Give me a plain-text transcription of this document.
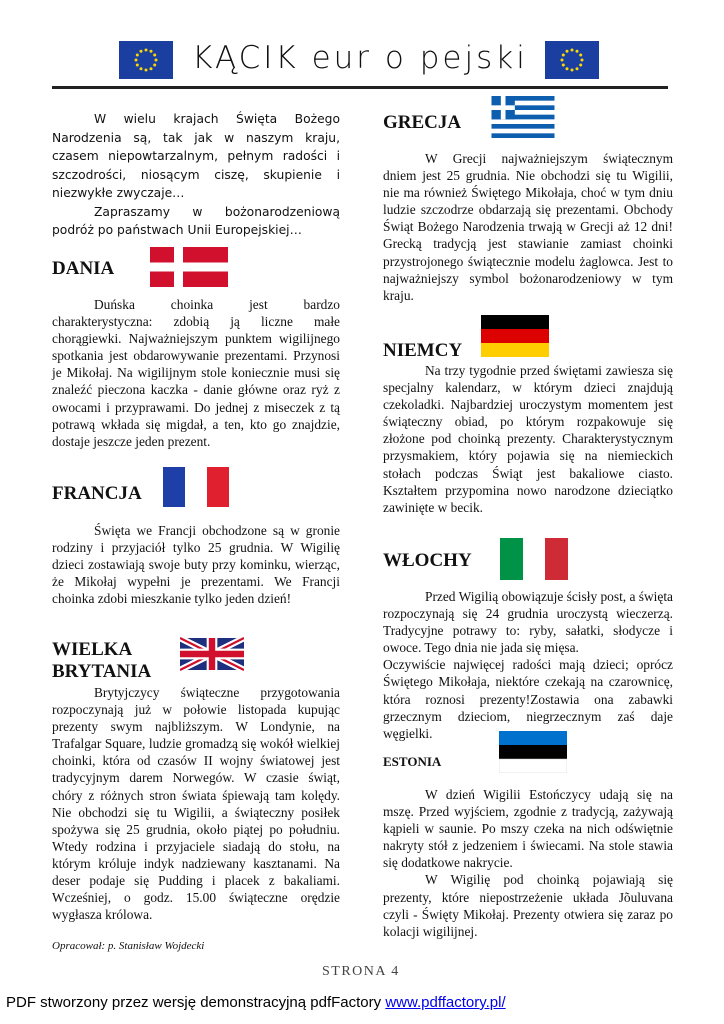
KĄCIK eur o pejski

W wielu krajach Święta Bożego Narodzenia są, tak jak w naszym kraju, czasem niepowtarzalnym, pełnym radości i szczodrości, niosącym ciszę, skupienie i niezwykłe zwyczaje…

Zapraszamy w bożonarodzeniową podróż po państwach Unii Europejskiej…

DANIA

Duńska choinka jest bardzo charakterystyczna: zdobią ją liczne małe chorągiewki. Najważniejszym punktem wigilijnego spotkania jest obdarowywanie prezentami. Przynosi je Mikołaj. Na wigilijnym stole koniecznie musi się znaleźć pieczona kaczka - danie główne oraz ryż z owocami i przyprawami. Do jednej z miseczek z tą potrawą wkłada się migdał, a ten, kto go znajdzie, dostaje jeszcze jeden prezent.

FRANCJA

Święta we Francji obchodzone są w gronie rodziny i przyjaciół tylko 25 grudnia. W Wigilię dzieci zostawiają swoje buty przy kominku, wierząc, że Mikołaj wypełni je prezentami. We Francji choinka zdobi mieszkanie tylko jeden dzień!

WIELKA
BRYTANIA

Brytyjczycy świąteczne przygotowania rozpoczynają już w połowie listopada kupując prezenty swym najbliższym. W Londynie, na Trafalgar Square, ludzie gromadzą się wokół wielkiej choinki, która od czasów II wojny światowej jest tradycyjnym darem Norwegów. W czasie świąt, chóry z różnych stron świata śpiewają tam kolędy. Nie obchodzi się tu Wigilii, a świąteczny posiłek spożywa się 25 grudnia, około piątej po południu. Wtedy rodzina i przyjaciele siadają do stołu, na którym króluje indyk nadziewany kasztanami. Na deser podaje się Pudding i placek z bakaliami. Wcześniej, o godz. 15.00 świąteczne orędzie wygłasza królowa.

Opracował: p. Stanisław Wojdecki
GRECJA

W Grecji najważniejszym świątecznym dniem jest 25 grudnia. Nie obchodzi się tu Wigilii, nie ma również Świętego Mikołaja, choć w tym dniu ludzie szczodrze obdarzają się prezentami. Obchody Świąt Bożego Narodzenia trwają w Grecji aż 12 dni! Grecką tradycją jest stawianie zamiast choinki przystrojonego świątecznie modelu żaglowca. Jest to najważniejszy symbol bożonarodzeniowy w tym kraju.

NIEMCY

Na trzy tygodnie przed świętami zawiesza się specjalny kalendarz, w którym dzieci znajdują czekoladki. Najbardziej uroczystym momentem jest świąteczny obiad, po którym rozpakowuje się złożone pod choinką prezenty. Charakterystycznym przysmakiem, który pojawia się na niemieckich stołach podczas Świąt jest bakaliowe ciasto. Kształtem przypomina nowo narodzone dzieciątko zawinięte w becik.

WŁOCHY

Przed Wigilią obowiązuje ścisły post, a święta rozpoczynają się 24 grudnia uroczystą wieczerzą. Tradycyjne potrawy to: ryby, sałatki, słodycze i owoce. Tego dnia nie jada się mięsa.

Oczywiście najwięcej radości mają dzieci; oprócz Świętego Mikołaja, niektóre czekają na czarownicę, która roznosi prezenty!Zostawia ona zabawki grzecznym dzieciom, niegrzecznym zaś daje węgielki.

ESTONIA

W dzień Wigilii Estończycy udają się na mszę. Przed wyjściem, zgodnie z tradycją, zażywają kąpieli w saunie. Po mszy czeka na nich odświętnie nakryty stół z jedzeniem i świecami. Na stole stawia się dodatkowe nakrycie.

W Wigilię pod choinką pojawiają się prezenty, które niepostrzeżenie układa Jõuluvana czyli - Święty Mikołaj. Prezenty otwiera się zaraz po kolacji wigilijnej.

STRONA 4
PDF stworzony przez wersję demonstracyjną pdfFactory www.pdffactory.pl/
